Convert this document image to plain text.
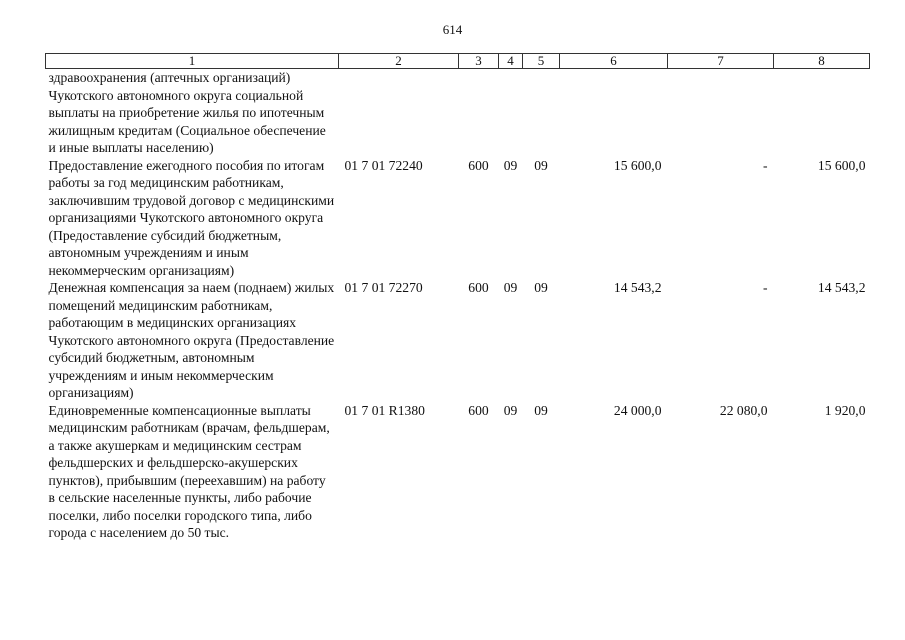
614
1	2	3	4	5	6	7	8
здравоохранения (аптечных организаций) Чукотского автономного округа социальной выплаты на приобретение жилья по ипотечным жилищным кредитам (Социальное обеспечение и иные выплаты населению)							
Предоставление ежегодного пособия по итогам работы за год медицинским работникам, заключившим трудовой договор с медицинскими организациями Чукотского автономного округа (Предоставление субсидий бюджетным, автономным учреждениям и иным некоммерческим организациям)	01 7 01 72240	600	09	09	15 600,0	-	15 600,0
Денежная компенсация за наем (поднаем) жилых помещений медицинским работникам, работающим в медицинских организациях Чукотского автономного округа (Предоставление субсидий бюджетным, автономным учреждениям и иным некоммерческим организациям)	01 7 01 72270	600	09	09	14 543,2	-	14 543,2
Единовременные компенсационные выплаты медицинским работникам (врачам, фельдшерам, а также акушеркам и медицинским сестрам фельдшерских и фельдшерско-акушерских пунктов), прибывшим (переехавшим) на работу в сельские населенные пункты, либо рабочие поселки, либо поселки городского типа, либо города с населением до 50 тыс.	01 7 01 R1380	600	09	09	24 000,0	22 080,0	1 920,0
